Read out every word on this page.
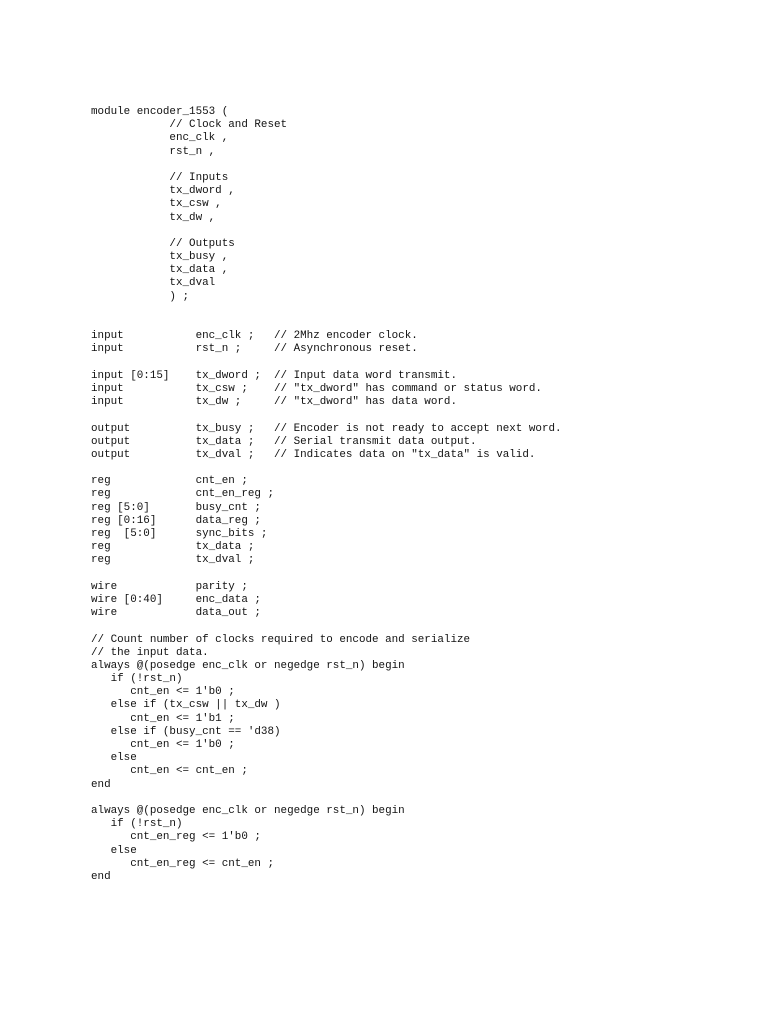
module encoder_1553 (
// Clock and Reset
enc_clk ,
rst_n ,
// Inputs
tx_dword ,
tx_csw ,
tx_dw ,
// Outputs
tx_busy ,
tx_data ,
tx_dval
) ;
input           enc_clk ;   // 2Mhz encoder clock.
input           rst_n ;     // Asynchronous reset.
input [0:15]    tx_dword ;  // Input data word transmit.
input           tx_csw ;    // "tx_dword" has command or status word.
input           tx_dw ;     // "tx_dword" has data word.
output          tx_busy ;   // Encoder is not ready to accept next word.
output          tx_data ;   // Serial transmit data output.
output          tx_dval ;   // Indicates data on "tx_data" is valid.
reg             cnt_en ;
reg             cnt_en_reg ;
reg [5:0]       busy_cnt ;
reg [0:16]      data_reg ;
reg  [5:0]      sync_bits ;
reg             tx_data ;
reg             tx_dval ;
wire            parity ;
wire [0:40]     enc_data ;
wire            data_out ;
// Count number of clocks required to encode and serialize
// the input data.
always @(posedge enc_clk or negedge rst_n) begin
if (!rst_n)
cnt_en <= 1'b0 ;
else if (tx_csw || tx_dw )
cnt_en <= 1'b1 ;
else if (busy_cnt == 'd38)
cnt_en <= 1'b0 ;
else
cnt_en <= cnt_en ;
end
always @(posedge enc_clk or negedge rst_n) begin
if (!rst_n)
cnt_en_reg <= 1'b0 ;
else
cnt_en_reg <= cnt_en ;
end
